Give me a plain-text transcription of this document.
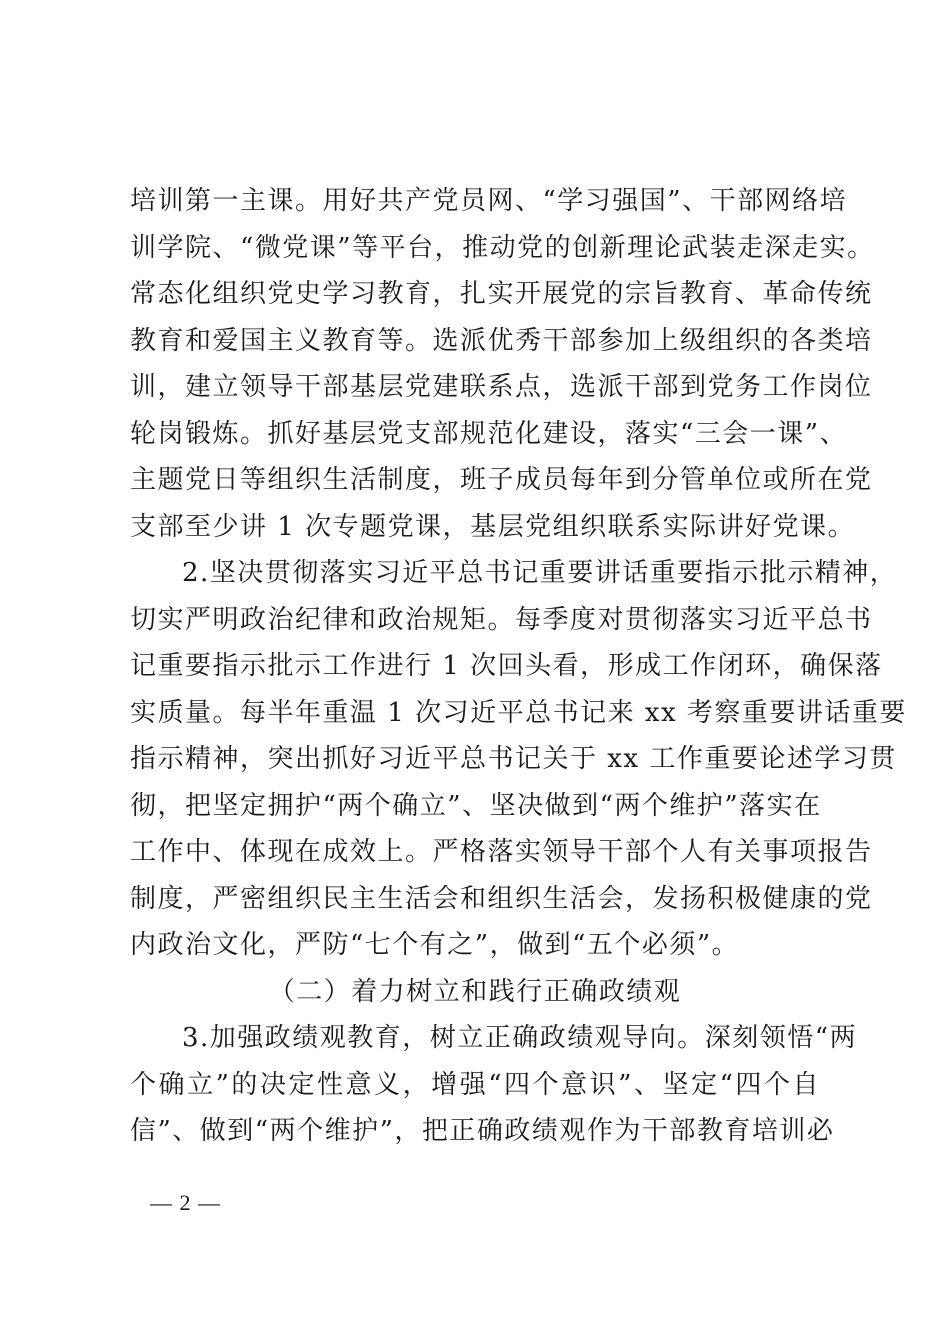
培训第一主课。用好共产党员网、“学习强国”、干部网络培
训学院、“微党课”等平台，推动党的创新理论武装走深走实。
常态化组织党史学习教育，扎实开展党的宗旨教育、革命传统
教育和爱国主义教育等。选派优秀干部参加上级组织的各类培
训，建立领导干部基层党建联系点，选派干部到党务工作岗位
轮岗锻炼。抓好基层党支部规范化建设，落实“三会一课”、
主题党日等组织生活制度，班子成员每年到分管单位或所在党
支部至少讲 1 次专题党课，基层党组织联系实际讲好党课。
2.坚决贯彻落实习近平总书记重要讲话重要指示批示精神，
切实严明政治纪律和政治规矩。每季度对贯彻落实习近平总书
记重要指示批示工作进行 1 次回头看，形成工作闭环，确保落
实质量。每半年重温 1 次习近平总书记来 xx 考察重要讲话重要
指示精神，突出抓好习近平总书记关于 xx 工作重要论述学习贯
彻，把坚定拥护“两个确立”、坚决做到“两个维护”落实在
工作中、体现在成效上。严格落实领导干部个人有关事项报告
制度，严密组织民主生活会和组织生活会，发扬积极健康的党
内政治文化，严防“七个有之”，做到“五个必须”。
（二）着力树立和践行正确政绩观
3.加强政绩观教育，树立正确政绩观导向。深刻领悟“两
个确立”的决定性意义，增强“四个意识”、坚定“四个自
信”、做到“两个维护”，把正确政绩观作为干部教育培训必
— 2 —
